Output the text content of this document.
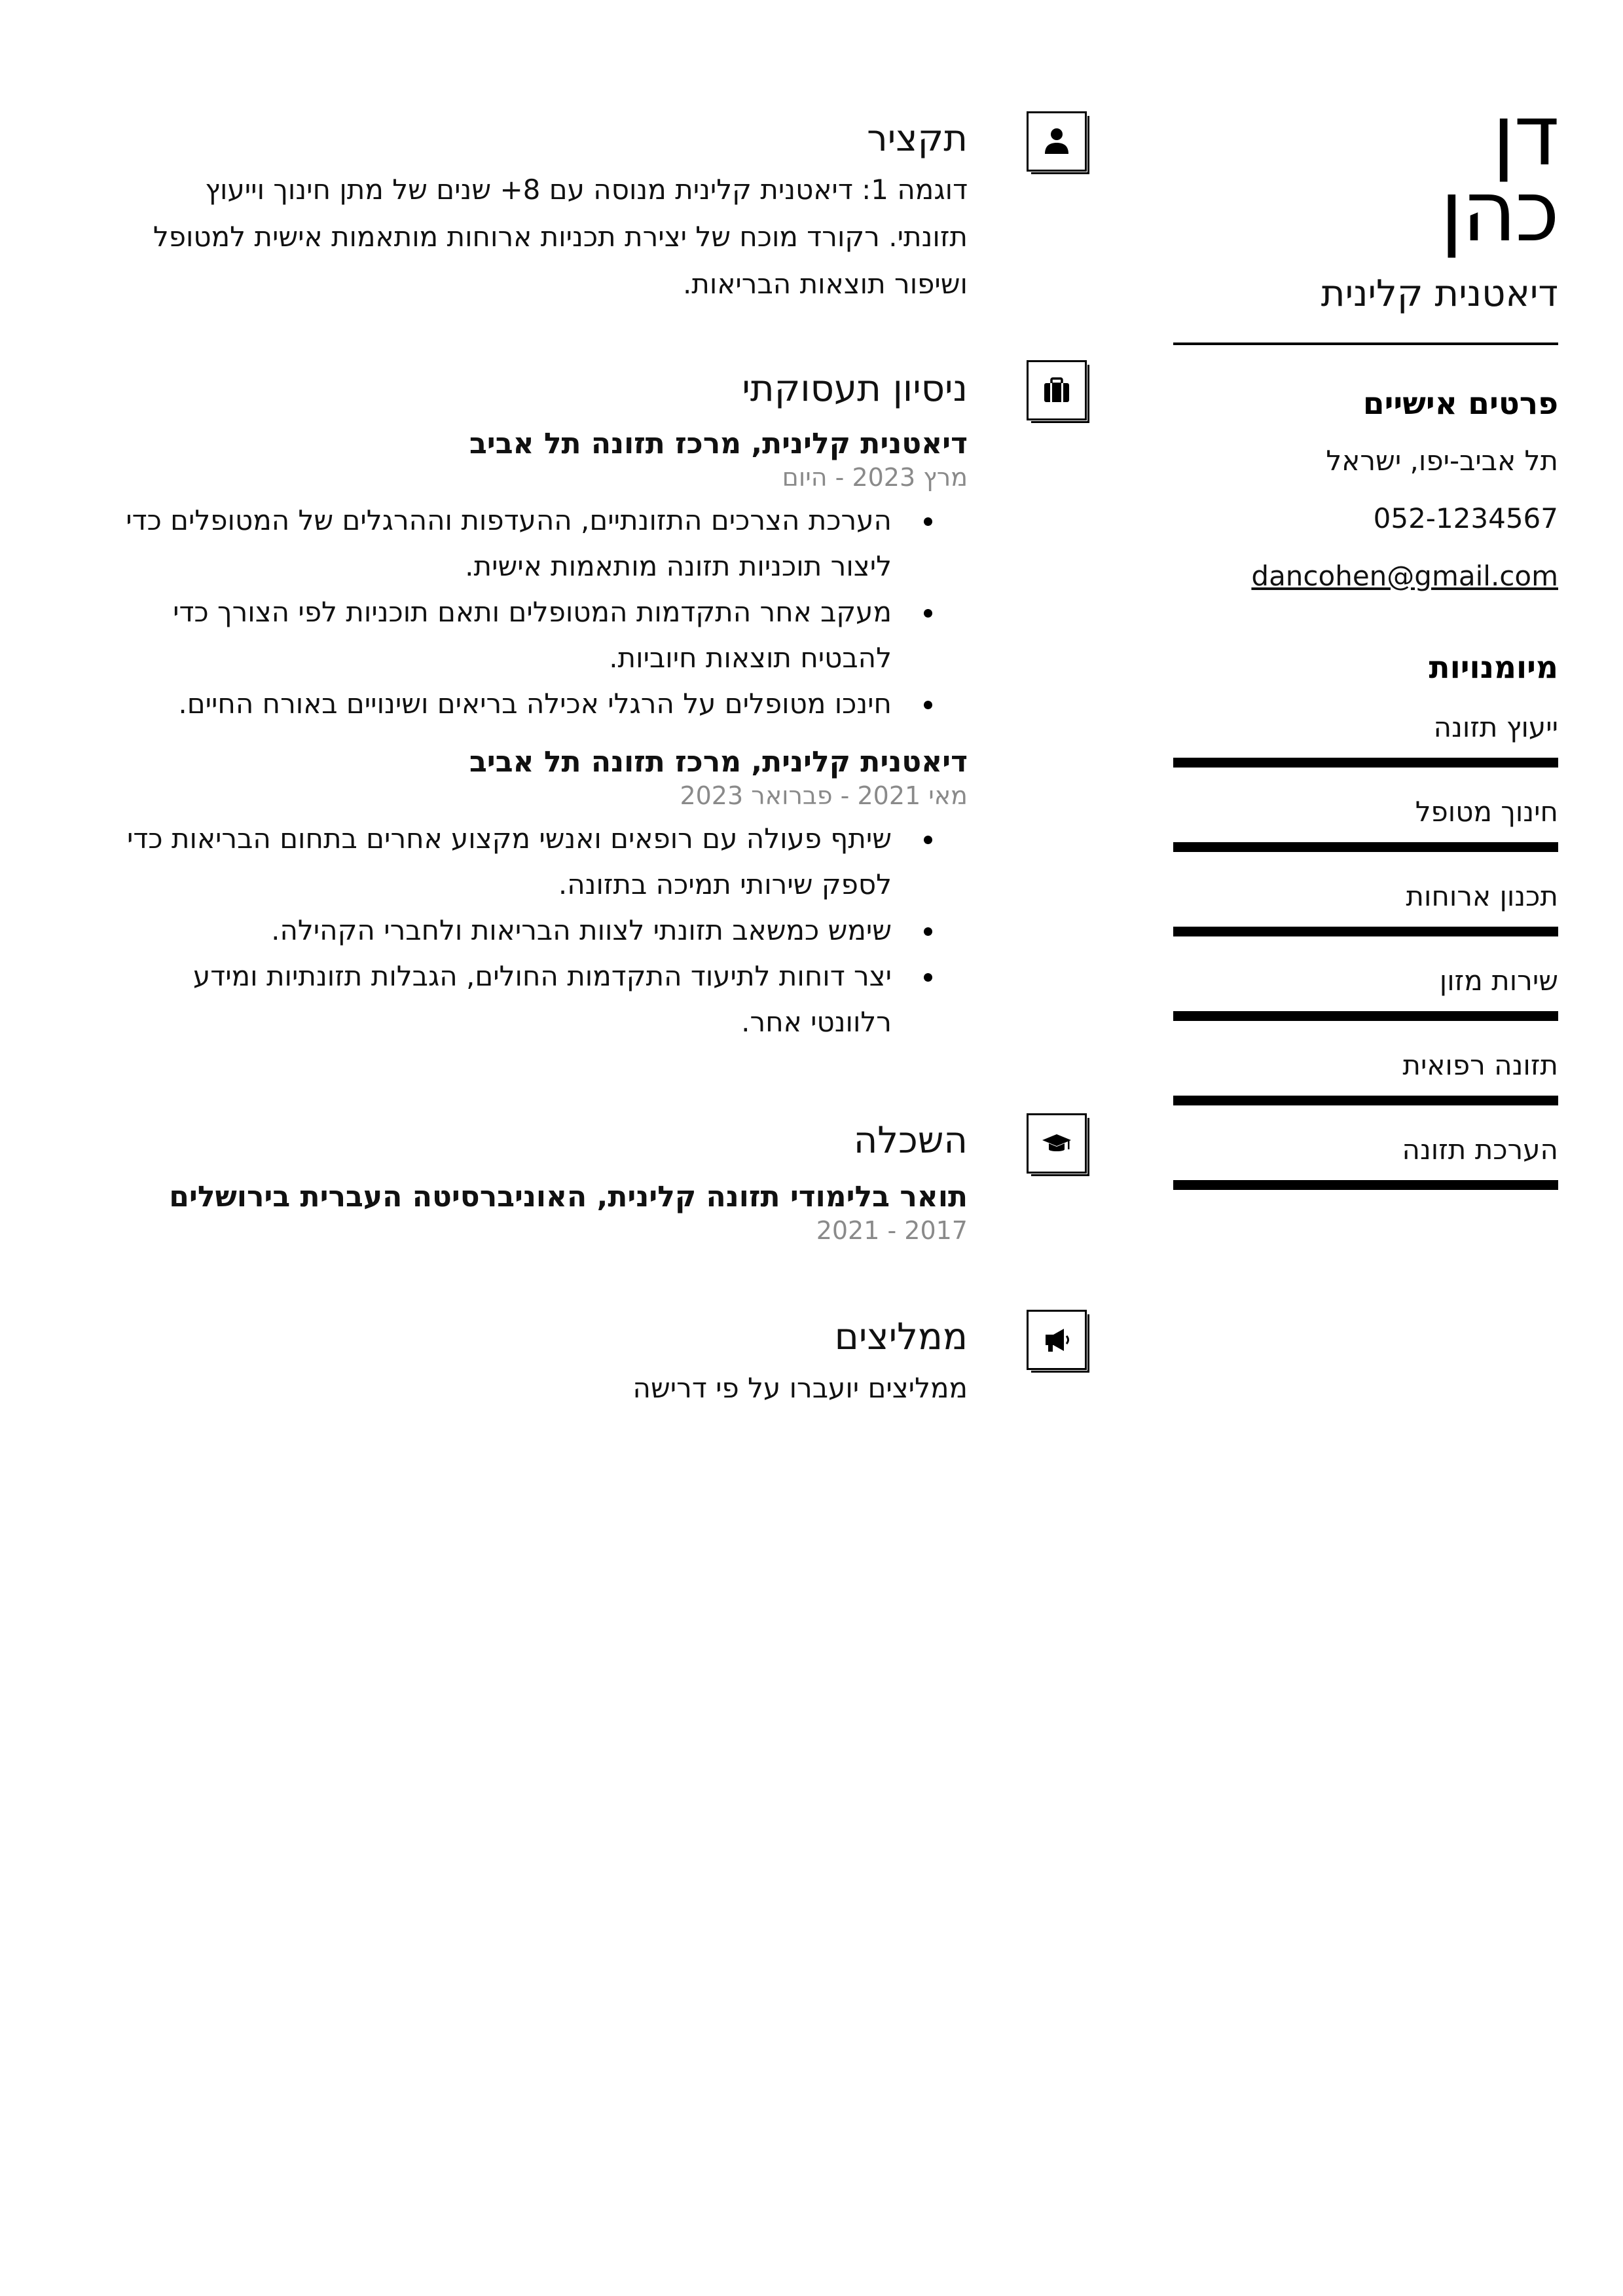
דן
כהן
דיאטנית קלינית
פרטים אישיים
תל אביב-יפו, ישראל
052-1234567
dancohen@gmail.com
מיומנויות
ייעוץ תזונה
חינוך מטופל
תכנון ארוחות
שירות מזון
תזונה רפואית
הערכת תזונה
תקציר
דוגמה 1: דיאטנית קלינית מנוסה עם 8+ שנים של מתן חינוך וייעוץ תזונתי. רקורד מוכח של יצירת תכניות ארוחות מותאמות אישית למטופל ושיפור תוצאות הבריאות.
ניסיון תעסוקתי
דיאטנית קלינית, מרכז תזונה תל אביב
מרץ 2023 - היום
הערכת הצרכים התזונתיים, ההעדפות וההרגלים של המטופלים כדי ליצור תוכניות תזונה מותאמות אישית.
מעקב אחר התקדמות המטופלים ותאם תוכניות לפי הצורך כדי להבטיח תוצאות חיוביות.
חינכו מטופלים על הרגלי אכילה בריאים ושינויים באורח החיים.
דיאטנית קלינית, מרכז תזונה תל אביב
מאי 2021 - פברואר 2023
שיתף פעולה עם רופאים ואנשי מקצוע אחרים בתחום הבריאות כדי לספק שירותי תמיכה בתזונה.
שימש כמשאב תזונתי לצוות הבריאות ולחברי הקהילה.
יצר דוחות לתיעוד התקדמות החולים, הגבלות תזונתיות ומידע רלוונטי אחר.
השכלה
תואר בלימודי תזונה קלינית, האוניברסיטה העברית בירושלים
2017 - 2021
ממליצים
ממליצים יועברו על פי דרישה
